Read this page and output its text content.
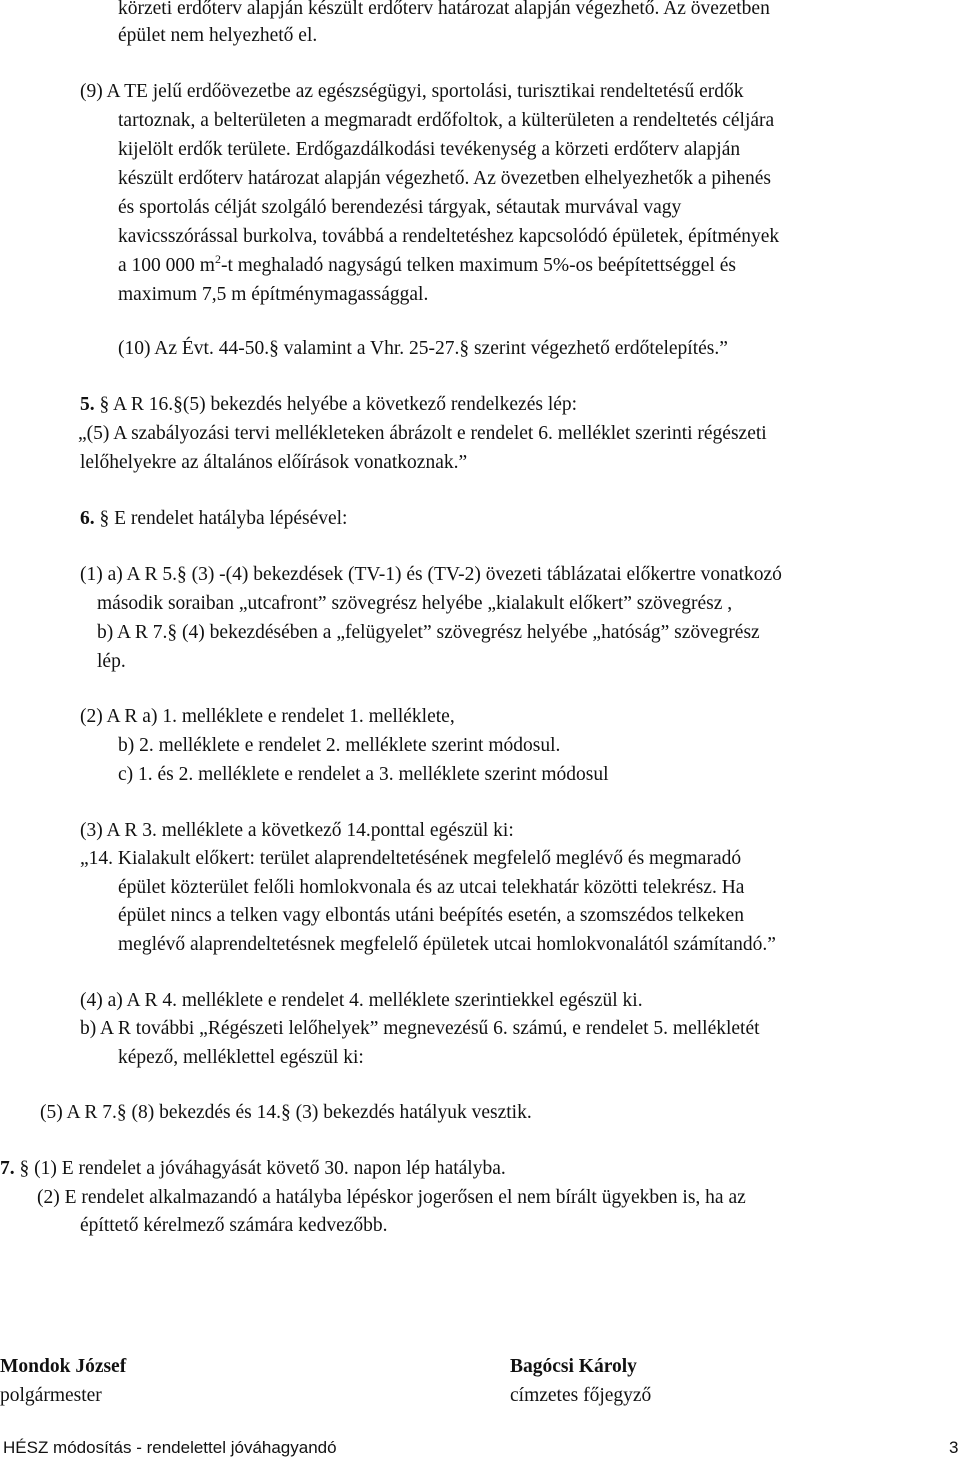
körzeti erdőterv alapján készült erdőterv határozat alapján végezhető. Az övezetben
épület nem helyezhető el.
(9) A TE jelű erdőövezetbe az egészségügyi, sportolási, turisztikai rendeltetésű erdők
tartoznak, a belterületen a megmaradt erdőfoltok, a külterületen a rendeltetés céljára
kijelölt erdők területe. Erdőgazdálkodási tevékenység a körzeti erdőterv alapján
készült erdőterv határozat alapján végezhető. Az övezetben elhelyezhetők a pihenés
és sportolás célját szolgáló berendezési tárgyak, sétautak murvával vagy
kavicsszórással burkolva, továbbá a rendeltetéshez kapcsolódó épületek, építmények
a 100 000 $m^2-t$ meghaladó nagyságú telken maximum 5%-os beépítettséggel és
maximum 7,5 m építménymagassággal.
(10) Az Évt. 44-50.§ valamint a Vhr. 25-27.§ szerint végezhető erdőtelepítés.”
5. § A R 16.§(5) bekezdés helyébe a következő rendelkezés lép:
„(5) A szabályozási tervi mellékleteken ábrázolt e rendelet 6. melléklet szerinti régészeti
lelőhelyekre az általános előírások vonatkoznak.”
6. § E rendelet hatályba lépésével:
(1) a) A R 5.§ (3) -(4) bekezdések (TV-1) és (TV-2) övezeti táblázatai előkertre vonatkozó
második soraiban „utcafront” szövegrész helyébe „kialakult előkert” szövegrész ,
b) A R 7.§ (4) bekezdésében a „felügyelet” szövegrész helyébe „hatóság” szövegrész
lép.
(2) A R a) 1. melléklete e rendelet 1. melléklete,
b) 2. melléklete e rendelet 2. melléklete szerint módosul.
c) 1. és 2. melléklete e rendelet a 3. melléklete szerint módosul
(3) A R 3. melléklete a következő 14.ponttal egészül ki:
„14. Kialakult előkert: terület alaprendeltetésének megfelelő meglévő és megmaradó
épület közterület felőli homlokvonala és az utcai telekhatár közötti telekrész. Ha
épület nincs a telken vagy elbontás utáni beépítés esetén, a szomszédos telkeken
meglévő alaprendeltetésnek megfelelő épületek utcai homlokvonalától számítandó.”
(4) a) A R 4. melléklete e rendelet 4. melléklete szerintiekkel egészül ki.
b) A R további „Régészeti lelőhelyek” megnevezésű 6. számú, e rendelet 5. mellékletét
képező, melléklettel egészül ki:
(5) A R 7.§ (8) bekezdés és 14.§ (3) bekezdés hatályuk vesztik.
7. § (1) E rendelet a jóváhagyását követő 30. napon lép hatályba.
(2) E rendelet alkalmazandó a hatályba lépéskor jogerősen el nem bírált ügyekben is, ha az
építtető kérelmező számára kedvezőbb.
Mondok József
polgármester
Bagócsi Károly
címzetes főjegyző
HÉSZ módosítás - rendelettel jóváhagyandó	3
